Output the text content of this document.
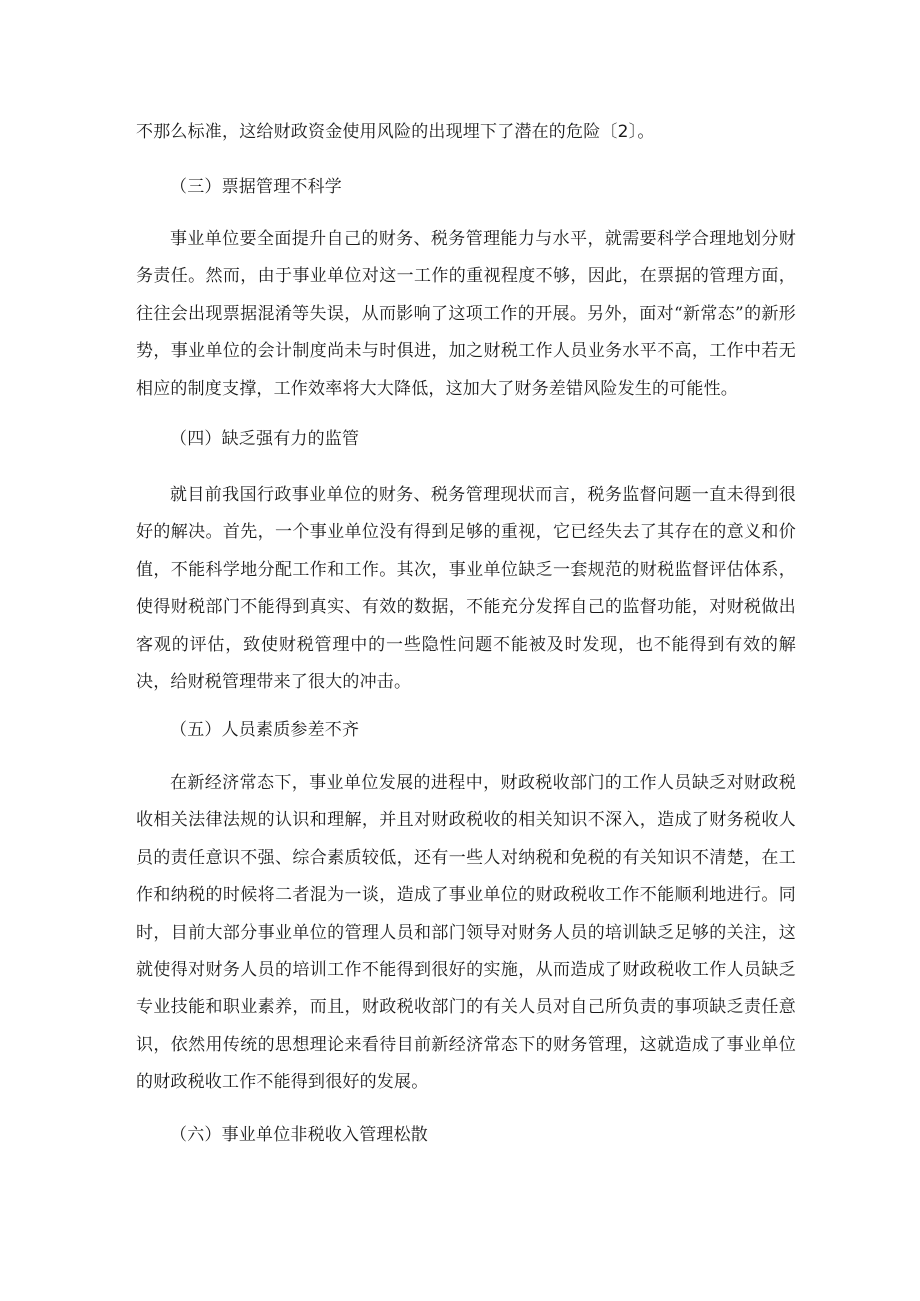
不那么标准，这给财政资金使用风险的出现埋下了潜在的危险〔2〕。

（三）票据管理不科学

事业单位要全面提升自己的财务、税务管理能力与水平，就需要科学合理地划分财务责任。然而，由于事业单位对这一工作的重视程度不够，因此，在票据的管理方面，往往会出现票据混淆等失误，从而影响了这项工作的开展。另外，面对“新常态”的新形势，事业单位的会计制度尚未与时俱进，加之财税工作人员业务水平不高，工作中若无相应的制度支撑，工作效率将大大降低，这加大了财务差错风险发生的可能性。

（四）缺乏强有力的监管

就目前我国行政事业单位的财务、税务管理现状而言，税务监督问题一直未得到很好的解决。首先，一个事业单位没有得到足够的重视，它已经失去了其存在的意义和价值，不能科学地分配工作和工作。其次，事业单位缺乏一套规范的财税监督评估体系，使得财税部门不能得到真实、有效的数据，不能充分发挥自己的监督功能，对财税做出客观的评估，致使财税管理中的一些隐性问题不能被及时发现，也不能得到有效的解决，给财税管理带来了很大的冲击。

（五）人员素质参差不齐

在新经济常态下，事业单位发展的进程中，财政税收部门的工作人员缺乏对财政税收相关法律法规的认识和理解，并且对财政税收的相关知识不深入，造成了财务税收人员的责任意识不强、综合素质较低，还有一些人对纳税和免税的有关知识不清楚，在工作和纳税的时候将二者混为一谈，造成了事业单位的财政税收工作不能顺利地进行。同时，目前大部分事业单位的管理人员和部门领导对财务人员的培训缺乏足够的关注，这就使得对财务人员的培训工作不能得到很好的实施，从而造成了财政税收工作人员缺乏专业技能和职业素养，而且，财政税收部门的有关人员对自己所负责的事项缺乏责任意识，依然用传统的思想理论来看待目前新经济常态下的财务管理，这就造成了事业单位的财政税收工作不能得到很好的发展。

（六）事业单位非税收入管理松散
